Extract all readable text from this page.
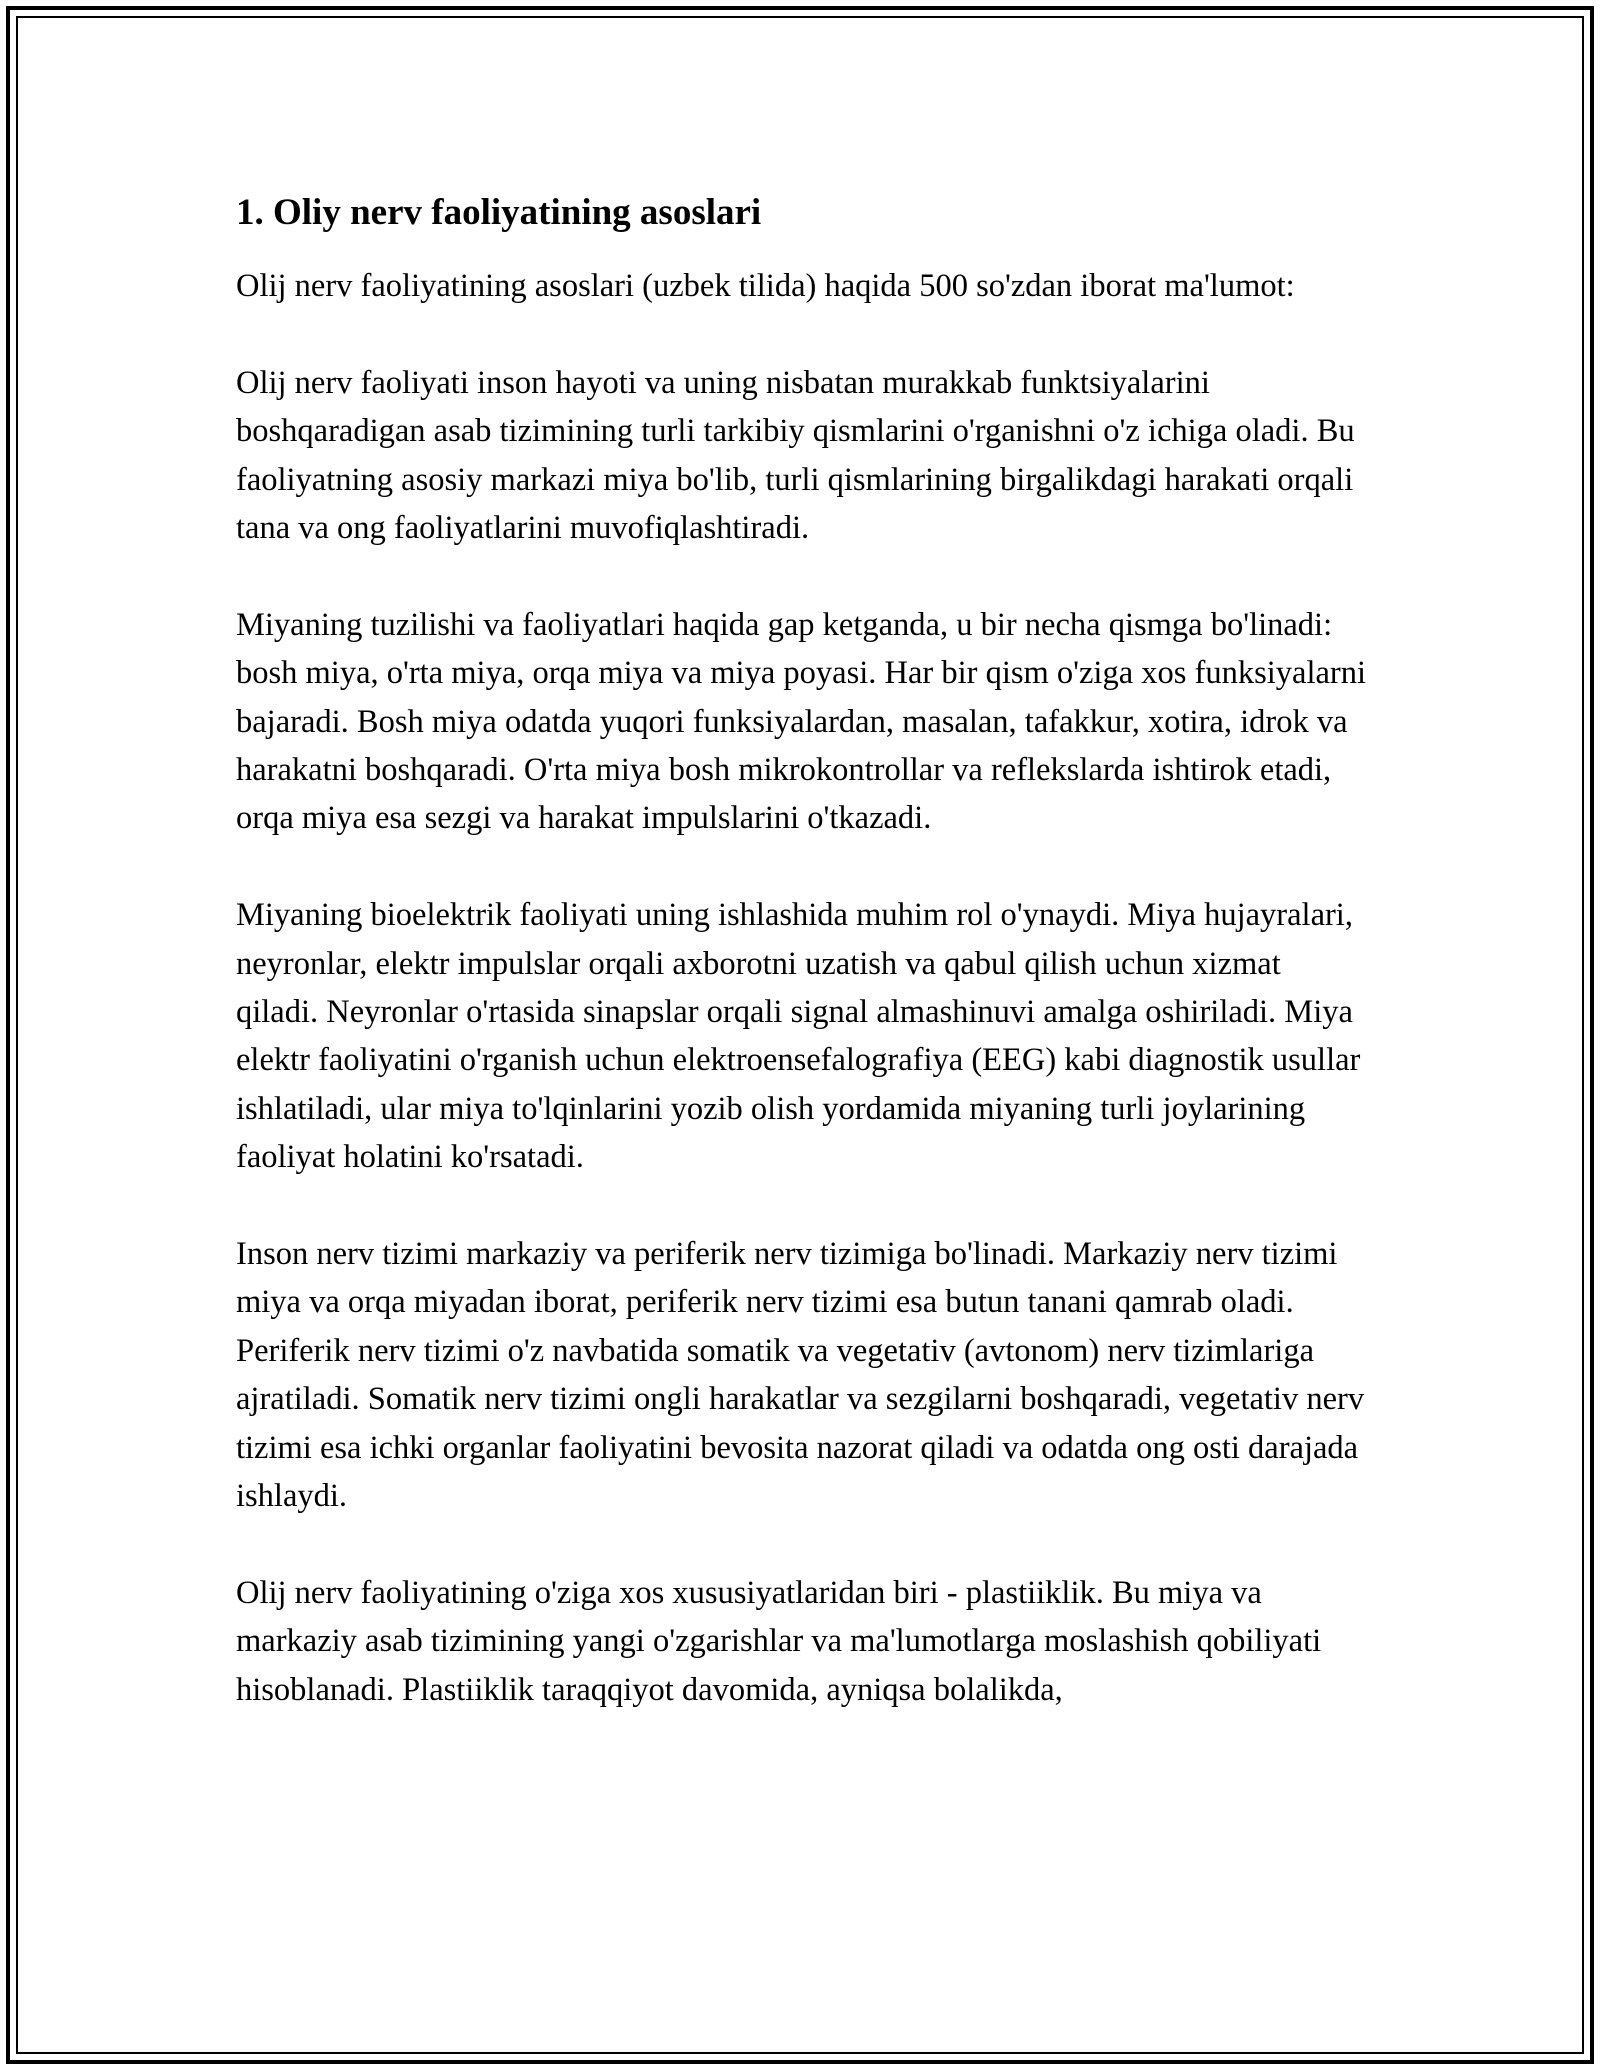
1. Oliy nerv faoliyatining asoslari

Olij nerv faoliyatining asoslari (uzbek tilida) haqida 500 so'zdan iborat ma'lumot:

Olij nerv faoliyati inson hayoti va uning nisbatan murakkab funktsiyalarini boshqaradigan asab tizimining turli tarkibiy qismlarini o'rganishni o'z ichiga oladi. Bu faoliyatning asosiy markazi miya bo'lib, turli qismlarining birgalikdagi harakati orqali tana va ong faoliyatlarini muvofiqlashtiradi.

Miyaning tuzilishi va faoliyatlari haqida gap ketganda, u bir necha qismga bo'linadi: bosh miya, o'rta miya, orqa miya va miya poyasi. Har bir qism o'ziga xos funksiyalarni bajaradi. Bosh miya odatda yuqori funksiyalardan, masalan, tafakkur, xotira, idrok va harakatni boshqaradi. O'rta miya bosh mikrokontrollar va reflekslarda ishtirok etadi, orqa miya esa sezgi va harakat impulslarini o'tkazadi.

Miyaning bioelektrik faoliyati uning ishlashida muhim rol o'ynaydi. Miya hujayralari, neyronlar, elektr impulslar orqali axborotni uzatish va qabul qilish uchun xizmat qiladi. Neyronlar o'rtasida sinapslar orqali signal almashinuvi amalga oshiriladi. Miya elektr faoliyatini o'rganish uchun elektroensefalografiya (EEG) kabi diagnostik usullar ishlatiladi, ular miya to'lqinlarini yozib olish yordamida miyaning turli joylarining faoliyat holatini ko'rsatadi.

Inson nerv tizimi markaziy va periferik nerv tizimiga bo'linadi. Markaziy nerv tizimi miya va orqa miyadan iborat, periferik nerv tizimi esa butun tanani qamrab oladi. Periferik nerv tizimi o'z navbatida somatik va vegetativ (avtonom) nerv tizimlariga ajratiladi. Somatik nerv tizimi ongli harakatlar va sezgilarni boshqaradi, vegetativ nerv tizimi esa ichki organlar faoliyatini bevosita nazorat qiladi va odatda ong osti darajada ishlaydi.

Olij nerv faoliyatining o'ziga xos xususiyatlaridan biri - plastiiklik. Bu miya va markaziy asab tizimining yangi o'zgarishlar va ma'lumotlarga moslashish qobiliyati hisoblanadi. Plastiiklik taraqqiyot davomida, ayniqsa bolalikda,
